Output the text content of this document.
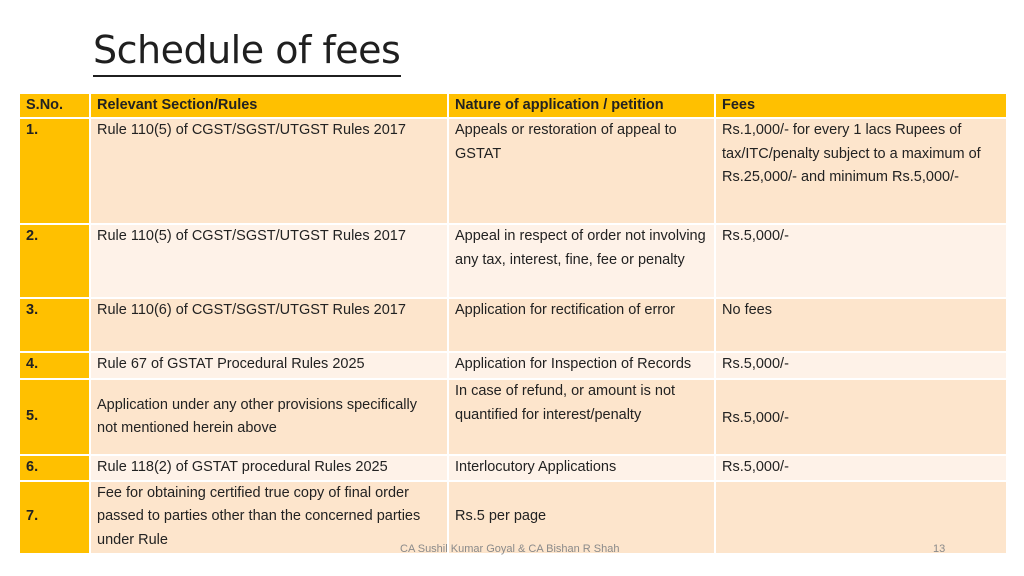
Schedule of fees
S.No.	Relevant Section/Rules	Nature of application / petition	Fees
1.	Rule 110(5) of CGST/SGST/UTGST Rules 2017	Appeals or restoration of appeal to GSTAT	Rs.1,000/- for every 1 lacs Rupees of tax/ITC/penalty subject to a maximum of Rs.25,000/- and minimum Rs.5,000/-
2.	Rule 110(5) of CGST/SGST/UTGST Rules 2017	Appeal in respect of order not involving any tax, interest, fine, fee or penalty	Rs.5,000/-
3.	Rule 110(6) of CGST/SGST/UTGST Rules 2017	Application for rectification of error	No fees
4.	Rule 67 of GSTAT Procedural Rules 2025	Application for Inspection of Records	Rs.5,000/-
5.	Application under any other provisions specifically not mentioned herein above	In case of refund, or amount is not quantified for interest/penalty	Rs.5,000/-
6.	Rule 118(2) of GSTAT procedural Rules 2025	Interlocutory Applications	Rs.5,000/-
7.	Fee for obtaining certified true copy of final order passed to parties other than the concerned parties under Rule	Rs.5 per page	
CA Sushil Kumar Goyal & CA Bishan R Shah	13
